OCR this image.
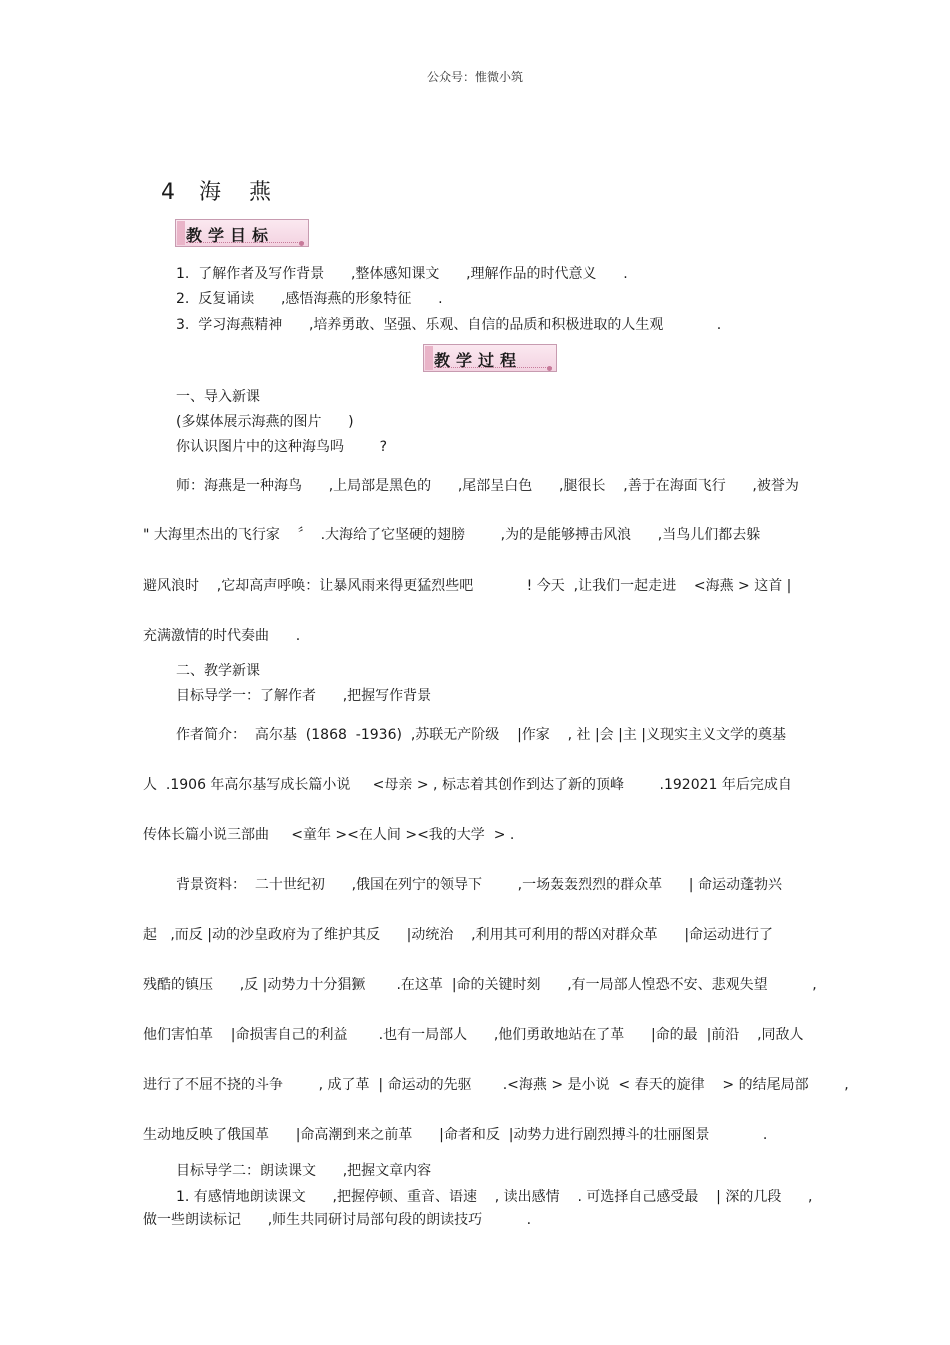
公众号：惟微小筑

4 海 燕

教学目标

1.  了解作者及写作背景      ,整体感知课文      ,理解作品的时代意义      .
2.  反复诵读      ,感悟海燕的形象特征      .
3.  学习海燕精神      ,培养勇敢、坚强、乐观、自信的品质和积极进取的人生观            .

教学过程

一、导入新课
(多媒体展示海燕的图片      )
你认识图片中的这种海鸟吗        ?
师：海燕是一种海鸟      ,上局部是黑色的      ,尾部呈白色      ,腿很长    ,善于在海面飞行      ,被誉为
" 大海里杰出的飞行家    〞  .大海给了它坚硬的翅膀        ,为的是能够搏击风浪      ,当鸟儿们都去躲
避风浪时    ,它却高声呼唤：让暴风雨来得更猛烈些吧            ! 今天  ,让我们一起走进    <海燕 > 这首 |
充满激情的时代奏曲      .
二、教学新课
目标导学一：了解作者      ,把握写作背景
作者简介：  高尔基  (1868  -1936)  ,苏联无产阶级    |作家    , 社 |会 |主 |义现实主义文学的奠基
人  .1906 年高尔基写成长篇小说     <母亲 > , 标志着其创作到达了新的顶峰        .192021 年后完成自
传体长篇小说三部曲     <童年 ><在人间 ><我的大学  > .
背景资料：  二十世纪初      ,俄国在列宁的领导下        ,一场轰轰烈烈的群众革      | 命运动蓬勃兴
起   ,而反 |动的沙皇政府为了维护其反      |动统治    ,利用其可利用的帮凶对群众革      |命运动进行了
残酷的镇压      ,反 |动势力十分猖獗       .在这革  |命的关键时刻      ,有一局部人惶恐不安、悲观失望          ,
他们害怕革    |命损害自己的利益       .也有一局部人      ,他们勇敢地站在了革      |命的最  |前沿    ,同敌人
进行了不屈不挠的斗争        , 成了革  | 命运动的先驱       .<海燕 > 是小说  < 春天的旋律    > 的结尾局部        ,
生动地反映了俄国革      |命高潮到来之前革      |命者和反  |动势力进行剧烈搏斗的壮丽图景            .
目标导学二：朗读课文      ,把握文章内容
1. 有感情地朗读课文      ,把握停顿、重音、语速    , 读出感情    . 可选择自己感受最    | 深的几段      ,
做一些朗读标记      ,师生共同研讨局部句段的朗读技巧          .
